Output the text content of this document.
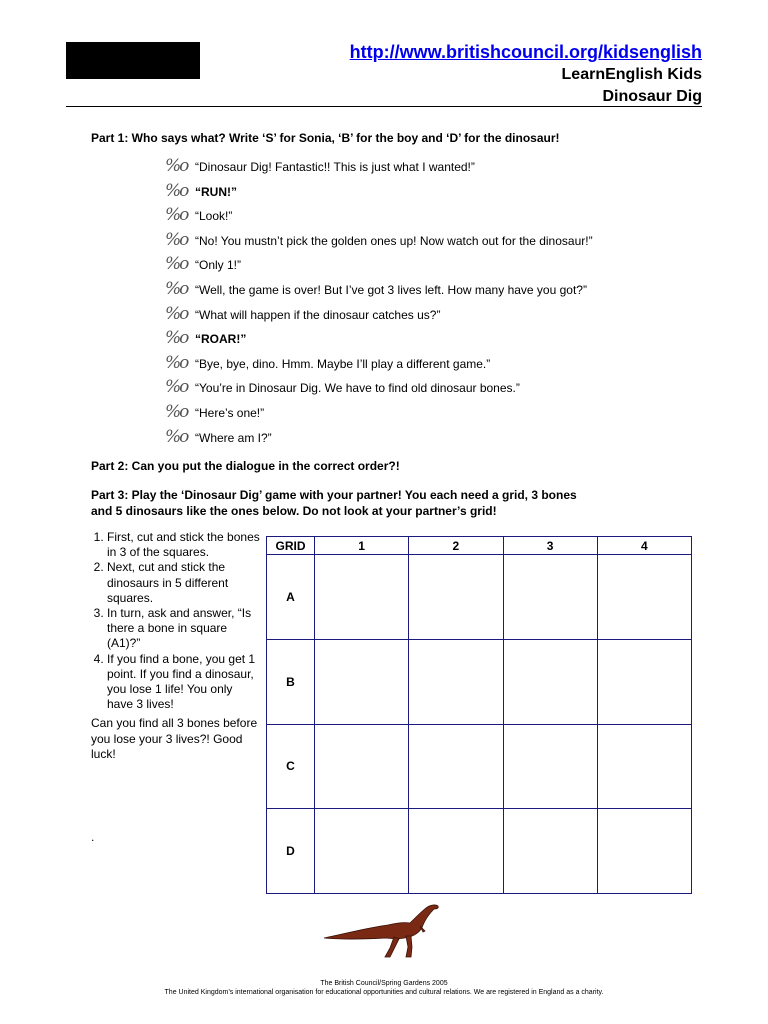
http://www.britishcouncil.org/kidsenglish
LearnEnglish Kids
Dinosaur Dig
Part 1: Who says what? Write ‘S’ for Sonia, ‘B’ for the boy and ‘D’ for the dinosaur!
%o “Dinosaur Dig! Fantastic!! This is just what I wanted!”
%o “RUN!”
%o “Look!”
%o “No! You mustn’t pick the golden ones up! Now watch out for the dinosaur!”
%o “Only 1!”
%o “Well, the game is over! But I’ve got 3 lives left. How many have you got?”
%o “What will happen if the dinosaur catches us?”
%o “ROAR!”
%o “Bye, bye, dino. Hmm. Maybe I’ll play a different game.”
%o “You’re in Dinosaur Dig. We have to find old dinosaur bones.”
%o “Here’s one!”
%o “Where am I?”
Part 2: Can you put the dialogue in the correct order?!
Part 3: Play the ‘Dinosaur Dig’ game with your partner! You each need a grid, 3 bones
and 5 dinosaurs like the ones below. Do not look at your partner’s grid!
1. First, cut and stick the bones in 3 of the squares.
2. Next, cut and stick the dinosaurs in 5 different squares.
3. In turn, ask and answer, “Is there a bone in square (A1)?”
4. If you find a bone, you get 1 point. If you find a dinosaur, you lose 1 life! You only have 3 lives!
Can you find all 3 bones before you lose your 3 lives?! Good luck!
.
GRID	1	2	3	4
A				
B				
C				
D				
The British Council/Spring Gardens 2005
The United Kingdom’s international organisation for educational opportunities and cultural relations. We are registered in England as a charity.
